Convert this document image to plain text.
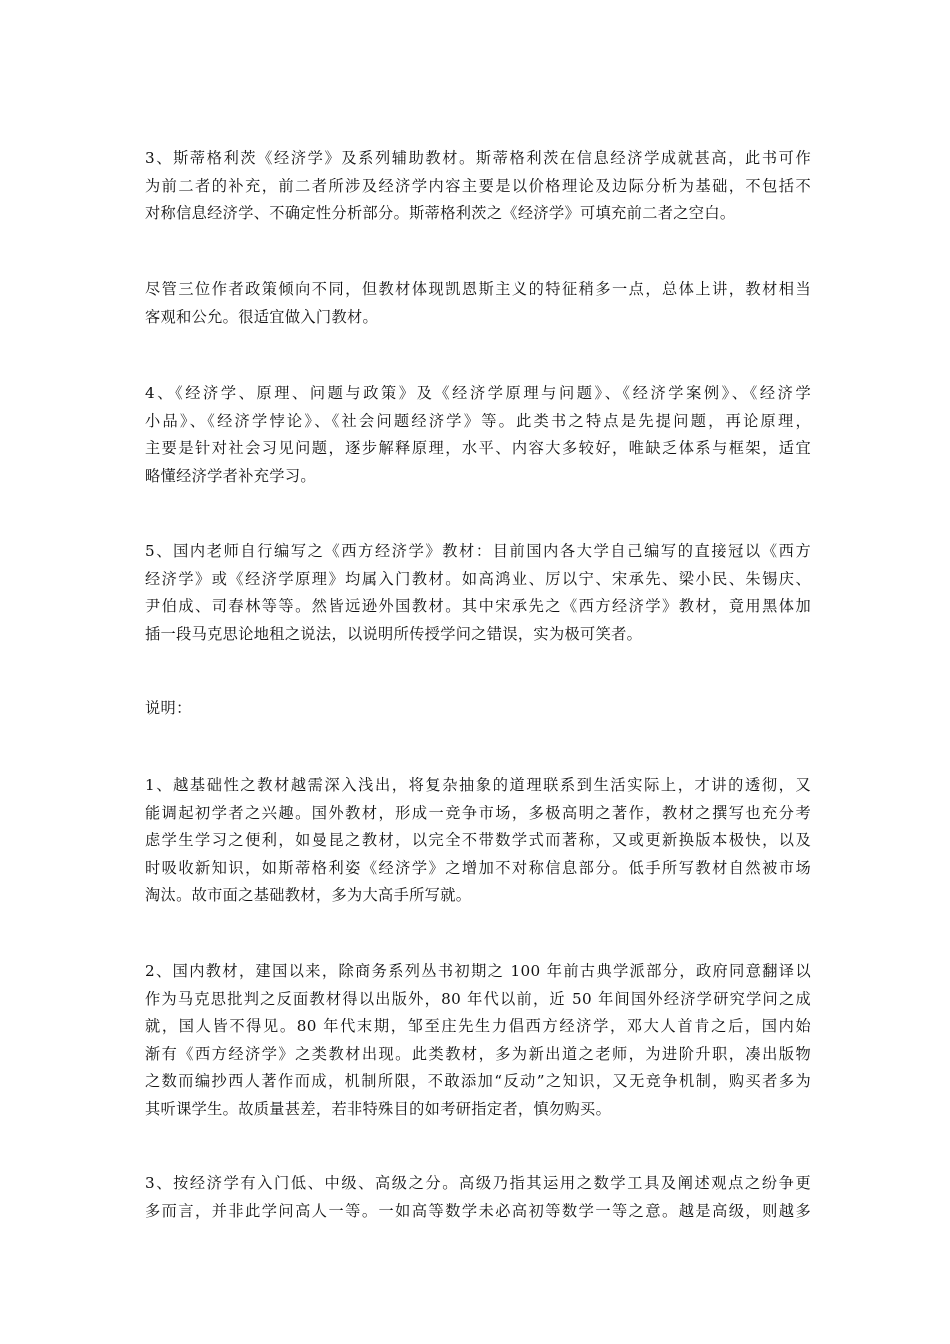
3、斯蒂格利茨《经济学》及系列辅助教材。斯蒂格利茨在信息经济学成就甚高，此书可作
为前二者的补充，前二者所涉及经济学内容主要是以价格理论及边际分析为基础，不包括不
对称信息经济学、不确定性分析部分。斯蒂格利茨之《经济学》可填充前二者之空白。
尽管三位作者政策倾向不同，但教材体现凯恩斯主义的特征稍多一点，总体上讲，教材相当
客观和公允。很适宜做入门教材。
4、《经济学、原理、问题与政策》及《经济学原理与问题》、《经济学案例》、《经济学
小品》、《经济学悖论》、《社会问题经济学》等。此类书之特点是先提问题，再论原理，
主要是针对社会习见问题，逐步解释原理，水平、内容大多较好，唯缺乏体系与框架，适宜
略懂经济学者补充学习。
5、国内老师自行编写之《西方经济学》教材：目前国内各大学自己编写的直接冠以《西方
经济学》或《经济学原理》均属入门教材。如高鸿业、厉以宁、宋承先、梁小民、朱锡庆、
尹伯成、司春林等等。然皆远逊外国教材。其中宋承先之《西方经济学》教材，竟用黑体加
插一段马克思论地租之说法，以说明所传授学问之错误，实为极可笑者。
说明：
1、越基础性之教材越需深入浅出，将复杂抽象的道理联系到生活实际上，才讲的透彻，又
能调起初学者之兴趣。国外教材，形成一竞争市场，多极高明之著作，教材之撰写也充分考
虑学生学习之便利，如曼昆之教材，以完全不带数学式而著称，又或更新换版本极快，以及
时吸收新知识，如斯蒂格利姿《经济学》之增加不对称信息部分。低手所写教材自然被市场
淘汰。故市面之基础教材，多为大高手所写就。
2、国内教材，建国以来，除商务系列丛书初期之 100 年前古典学派部分，政府同意翻译以
作为马克思批判之反面教材得以出版外，80 年代以前，近 50 年间国外经济学研究学问之成
就，国人皆不得见。80 年代末期，邹至庄先生力倡西方经济学，邓大人首肯之后，国内始
渐有《西方经济学》之类教材出现。此类教材，多为新出道之老师，为进阶升职，凑出版物
之数而编抄西人著作而成，机制所限，不敢添加“反动”之知识，又无竞争机制，购买者多为
其听课学生。故质量甚差，若非特殊目的如考研指定者，慎勿购买。
3、按经济学有入门低、中级、高级之分。高级乃指其运用之数学工具及阐述观点之纷争更
多而言，并非此学问高人一等。一如高等数学未必高初等数学一等之意。越是高级，则越多
